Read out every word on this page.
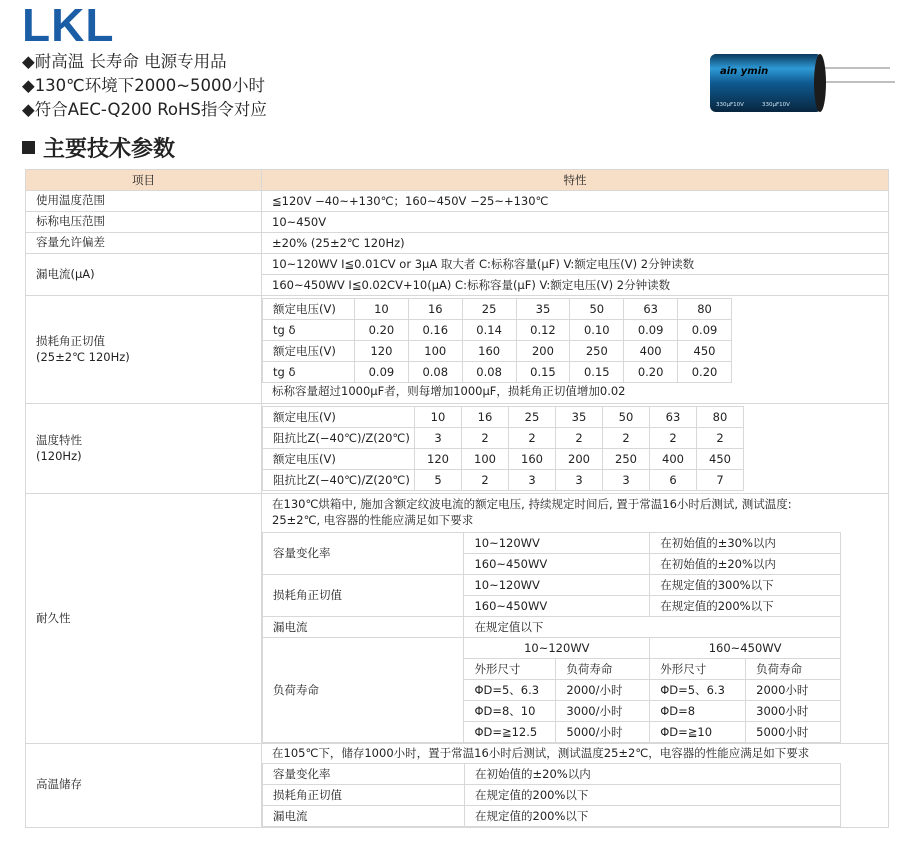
LKL
◆耐高温 长寿命 电源专用品
◆130℃环境下2000~5000小时
◆符合AEC-Q200 RoHS指令对应
ain ymin
330μF10V	330μF10V
主要技术参数
项目	特性
使用温度范围	≦120V −40~+130℃；160~450V −25~+130℃
标称电压范围	10~450V
容量允许偏差	±20% (25±2℃ 120Hz)
漏电流(μA)	10~120WV I≦0.01CV or 3μA 取大者 C:标称容量(μF) V:额定电压(V) 2分钟读数
160~450WV I≦0.02CV+10(μA) C:标称容量(μF) V:额定电压(V) 2分钟读数

损耗角正切值
(25±2℃ 120Hz)

额定电压(V)	10	16	25	35	50	63	80
tg δ	0.20	0.16	0.14	0.12	0.10	0.09	0.09
额定电压(V)	120	100	160	200	250	400	450
tg δ	0.09	0.08	0.08	0.15	0.15	0.20	0.20
标称容量超过1000μF者，则每增加1000μF，损耗角正切值增加0.02

温度特性
(120Hz)

额定电压(V)	10	16	25	35	50	63	80
阻抗比Z(−40℃)/Z(20℃)	3	2	2	2	2	2	2
额定电压(V)	120	100	160	200	250	400	450
阻抗比Z(−40℃)/Z(20℃)	5	2	3	3	3	6	7

耐久性	
在130℃烘箱中, 施加含额定纹波电流的额定电压, 持续规定时间后, 置于常温16小时后测试, 测试温度: 25±2℃, 电容器的性能应满足如下要求
容量变化率	10~120WV	在初始值的±30%以内
160~450WV	在初始值的±20%以内
损耗角正切值	10~120WV	在规定值的300%以下
160~450WV	在规定值的200%以下
漏电流	在规定值以下
负荷寿命	10~120WV	160~450WV
外形尺寸	负荷寿命	外形尺寸	负荷寿命
ΦD=5、6.3	2000/小时	ΦD=5、6.3	2000小时
ΦD=8、10	3000/小时	ΦD=8	3000小时
ΦD=≧12.5	5000/小时	ΦD=≧10	5000小时

高温储存	
在105℃下，储存1000小时，置于常温16小时后测试，测试温度25±2℃，电容器的性能应满足如下要求
容量变化率	在初始值的±20%以内
损耗角正切值	在规定值的200%以下
漏电流	在规定值的200%以下
